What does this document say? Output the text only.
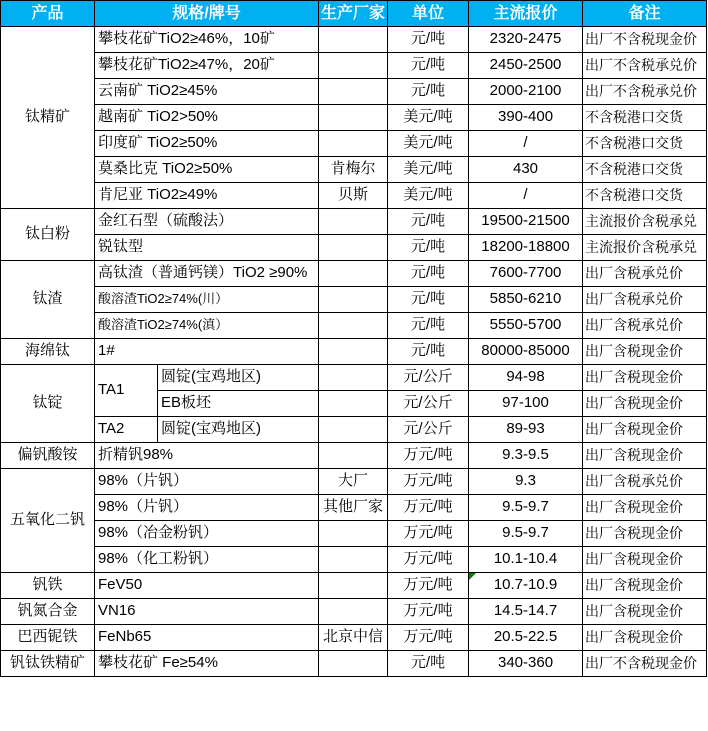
产品	规格/牌号		生产厂家	单位	主流报价	备注
钛精矿	攀枝花矿TiO2≥46%，10矿			元/吨	2320-2475	出厂不含税现金价
	攀枝花矿TiO2≥47%，20矿			元/吨	2450-2500	出厂不含税承兑价
	云南矿 TiO2≥45%			元/吨	2000-2100	出厂不含税承兑价
	越南矿 TiO2>50%			美元/吨	390-400	不含税港口交货
	印度矿 TiO2≥50%			美元/吨	/	不含税港口交货
	莫桑比克 TiO2≥50%		肯梅尔	美元/吨	430	不含税港口交货
	肯尼亚 TiO2≥49%		贝斯	美元/吨	/	不含税港口交货
钛白粉	金红石型（硫酸法）			元/吨	19500-21500	主流报价含税承兑
	锐钛型			元/吨	18200-18800	主流报价含税承兑
钛渣	高钛渣（普通钙镁）TiO2 ≥90%			元/吨	7600-7700	出厂含税承兑价
	酸溶渣TiO2≥74%(川）			元/吨	5850-6210	出厂含税承兑价
	酸溶渣TiO2≥74%(滇）			元/吨	5550-5700	出厂含税承兑价
海绵钛	1#			元/吨	80000-85000	出厂含税现金价
钛锭	TA1	圆锭(宝鸡地区)		元/公斤	94-98	出厂含税现金价
		EB板坯		元/公斤	97-100	出厂含税现金价
	TA2	圆锭(宝鸡地区)		元/公斤	89-93	出厂含税现金价
偏钒酸铵	折精钒98%			万元/吨	9.3-9.5	出厂含税现金价
五氧化二钒	98%（片钒）		大厂	万元/吨	9.3	出厂含税承兑价
	98%（片钒）		其他厂家	万元/吨	9.5-9.7	出厂含税现金价
	98%（冶金粉钒）			万元/吨	9.5-9.7	出厂含税现金价
	98%（化工粉钒）			万元/吨	10.1-10.4	出厂含税现金价
钒铁	FeV50			万元/吨	10.7-10.9	出厂含税现金价
钒氮合金	VN16			万元/吨	14.5-14.7	出厂含税现金价
巴西铌铁	FeNb65		北京中信	万元/吨	20.5-22.5	出厂含税现金价
钒钛铁精矿	攀枝花矿 Fe≥54%			元/吨	340-360	出厂不含税现金价
